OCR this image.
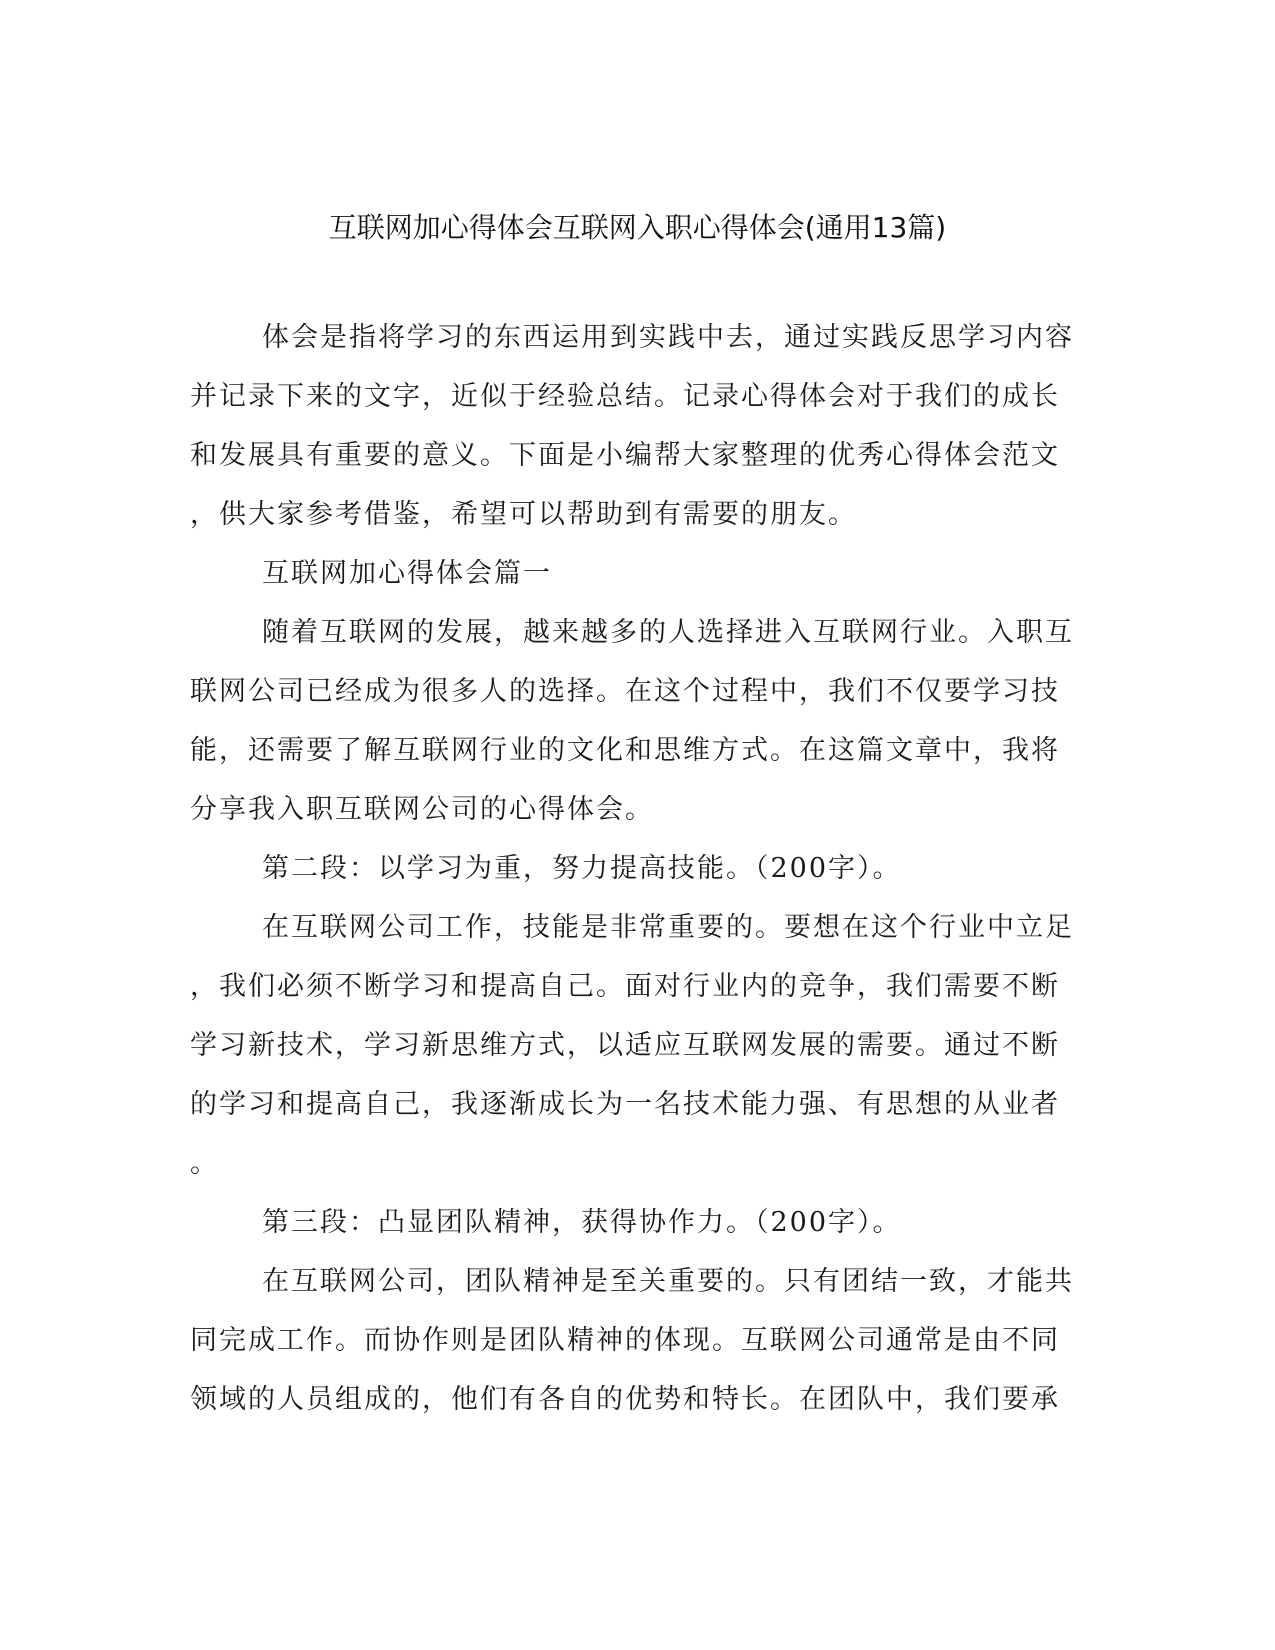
互联网加心得体会互联网入职心得体会(通用13篇)
体会是指将学习的东西运用到实践中去，通过实践反思学习内容
并记录下来的文字，近似于经验总结。记录心得体会对于我们的成长
和发展具有重要的意义。下面是小编帮大家整理的优秀心得体会范文
，供大家参考借鉴，希望可以帮助到有需要的朋友。
互联网加心得体会篇一
随着互联网的发展，越来越多的人选择进入互联网行业。入职互
联网公司已经成为很多人的选择。在这个过程中，我们不仅要学习技
能，还需要了解互联网行业的文化和思维方式。在这篇文章中，我将
分享我入职互联网公司的心得体会。
第二段：以学习为重，努力提高技能。（200字）。
在互联网公司工作，技能是非常重要的。要想在这个行业中立足
，我们必须不断学习和提高自己。面对行业内的竞争，我们需要不断
学习新技术，学习新思维方式，以适应互联网发展的需要。通过不断
的学习和提高自己，我逐渐成长为一名技术能力强、有思想的从业者
。
第三段：凸显团队精神，获得协作力。（200字）。
在互联网公司，团队精神是至关重要的。只有团结一致，才能共
同完成工作。而协作则是团队精神的体现。互联网公司通常是由不同
领域的人员组成的，他们有各自的优势和特长。在团队中，我们要承
